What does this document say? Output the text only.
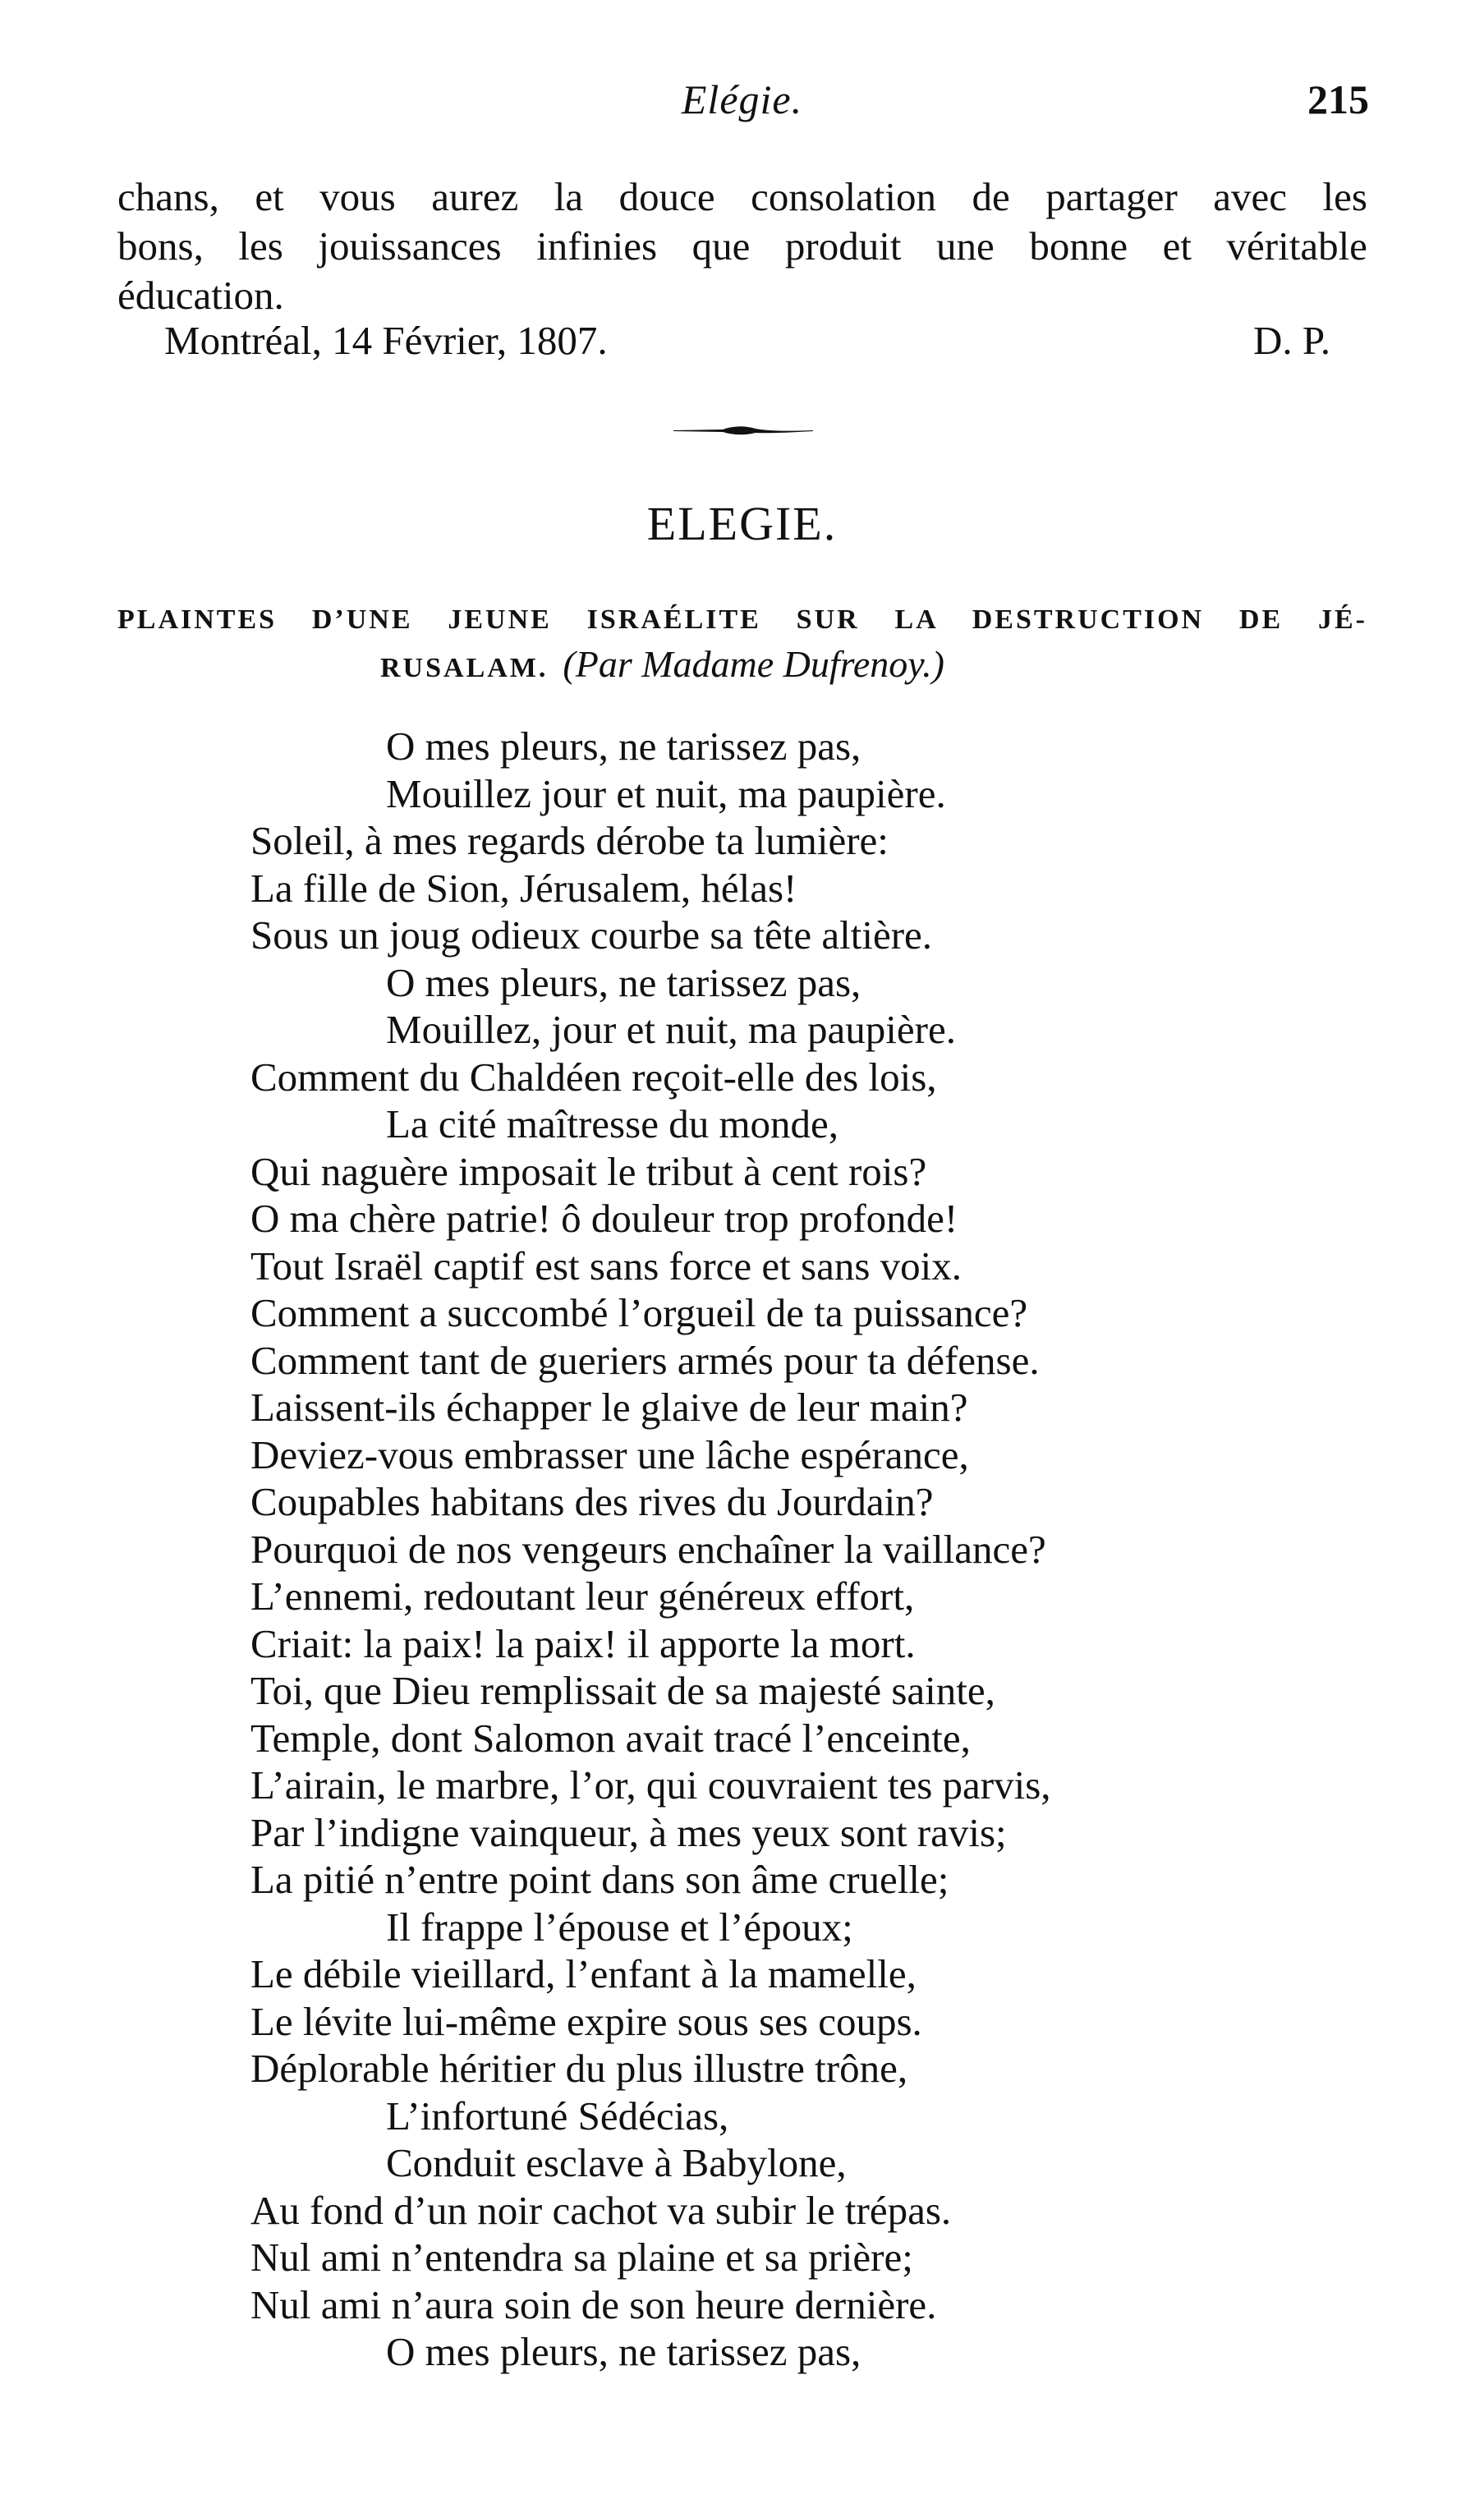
Elégie.	215
chans, et vous aurez la douce consolation de partager avec les
bons, les jouissances infinies que produit une bonne et véritable
éducation.
Montréal, 14 Février, 1807.	D. P.
ELEGIE.
PLAINTES D’UNE JEUNE ISRAÉLITE SUR LA DESTRUCTION DE JÉ-
RUSALAM. (Par Madame Dufrenoy.)
O mes pleurs, ne tarissez pas,
Mouillez jour et nuit, ma paupière.
Soleil, à mes regards dérobe ta lumière:
La fille de Sion, Jérusalem, hélas!
Sous un joug odieux courbe sa tête altière.
O mes pleurs, ne tarissez pas,
Mouillez, jour et nuit, ma paupière.
Comment du Chaldéen reçoit-elle des lois,
La cité maîtresse du monde,
Qui naguère imposait le tribut à cent rois?
O ma chère patrie! ô douleur trop profonde!
Tout Israël captif est sans force et sans voix.
Comment a succombé l’orgueil de ta puissance?
Comment tant de gueriers armés pour ta défense.
Laissent-ils échapper le glaive de leur main?
Deviez-vous embrasser une lâche espérance,
Coupables habitans des rives du Jourdain?
Pourquoi de nos vengeurs enchaîner la vaillance?
L’ennemi, redoutant leur généreux effort,
Criait: la paix! la paix! il apporte la mort.
Toi, que Dieu remplissait de sa majesté sainte,
Temple, dont Salomon avait tracé l’enceinte,
L’airain, le marbre, l’or, qui couvraient tes parvis,
Par l’indigne vainqueur, à mes yeux sont ravis;
La pitié n’entre point dans son âme cruelle;
Il frappe l’épouse et l’époux;
Le débile vieillard, l’enfant à la mamelle,
Le lévite lui-même expire sous ses coups.
Déplorable héritier du plus illustre trône,
L’infortuné Sédécias,
Conduit esclave à Babylone,
Au fond d’un noir cachot va subir le trépas.
Nul ami n’entendra sa plaine et sa prière;
Nul ami n’aura soin de son heure dernière.
O mes pleurs, ne tarissez pas,
